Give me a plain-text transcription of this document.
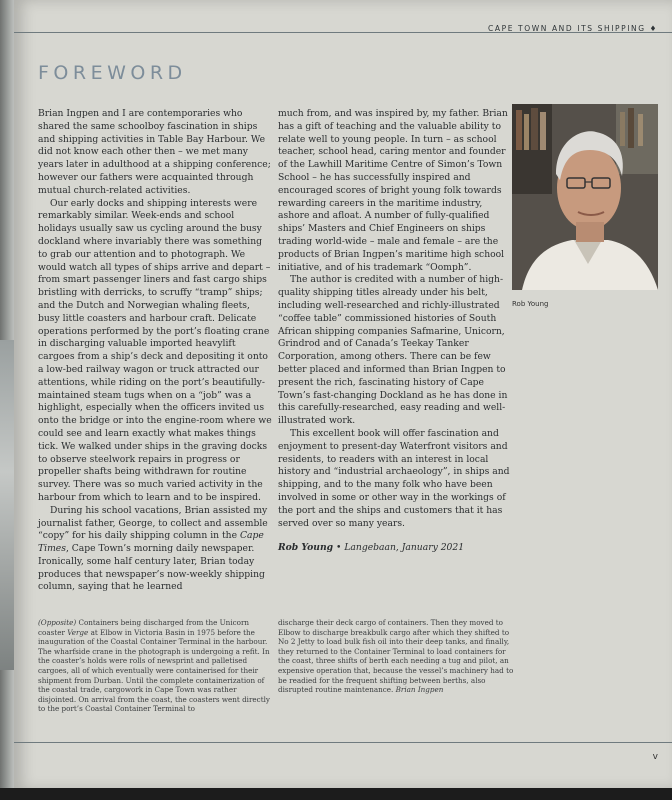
CAPE TOWN AND ITS SHIPPING ♦
FOREWORD

Brian Ingpen and I are contemporaries who shared the same schoolboy fascination in ships and shipping activities in Table Bay Harbour. We did not know each other then – we met many years later in adulthood at a shipping conference; however our fathers were acquainted through mutual church-related activities.

Our early docks and shipping interests were remarkably similar. Week-ends and school holidays usually saw us cycling around the busy dockland where invariably there was something to grab our attention and to photograph. We would watch all types of ships arrive and depart – from smart passenger liners and fast cargo ships bristling with derricks, to scruffy “tramp” ships; and the Dutch and Norwegian whaling fleets, busy little coasters and harbour craft. Delicate operations performed by the port’s floating crane in discharging valuable imported heavylift cargoes from a ship’s deck and depositing it onto a low-bed railway wagon or truck attracted our attentions, while riding on the port’s beautifully-maintained steam tugs when on a “job” was a highlight, especially when the officers invited us onto the bridge or into the engine-room where we could see and learn exactly what makes things tick. We walked under ships in the graving docks to observe steelwork repairs in progress or propeller shafts being withdrawn for routine survey. There was so much varied activity in the harbour from which to learn and to be inspired.

During his school vacations, Brian assisted my journalist father, George, to collect and assemble “copy” for his daily shipping column in the Cape Times, Cape Town’s morning daily newspaper. Ironically, some half century later, Brian today produces that newspaper’s now-weekly shipping column, saying that he learned

much from, and was inspired by, my father. Brian has a gift of teaching and the valuable ability to relate well to young people. In turn – as school teacher, school head, caring mentor and founder of the Lawhill Maritime Centre of Simon’s Town School – he has successfully inspired and encouraged scores of bright young folk towards rewarding careers in the maritime industry, ashore and afloat. A number of fully-qualified ships’ Masters and Chief Engineers on ships trading world-wide – male and female – are the products of Brian Ingpen’s maritime high school initiative, and of his trademark “Oomph”.

The author is credited with a number of high-quality shipping titles already under his belt, including well-researched and richly-illustrated “coffee table” commissioned histories of South African shipping companies Safmarine, Unicorn, Grindrod and of Canada’s Teekay Tanker Corporation, among others. There can be few better placed and informed than Brian Ingpen to present the rich, fascinating history of Cape Town’s fast-changing Dockland as he has done in this carefully-researched, easy reading and well-illustrated work.

This excellent book will offer fascination and enjoyment to present-day Waterfront visitors and residents, to readers with an interest in local history and “industrial archaeology”, in ships and shipping, and to the many folk who have been involved in some or other way in the workings of the port and the ships and customers that it has served over so many years.

Rob Young • Langebaan, January 2021

Rob Young

(Opposite) Containers being discharged from the Unicorn coaster Verge at Elbow in Victoria Basin in 1975 before the inauguration of the Coastal Container Terminal in the harbour. The wharfside crane in the photograph is undergoing a refit. In the coaster’s holds were rolls of newsprint and palletised cargoes, all of which eventually were containerised for their shipment from Durban. Until the complete containerization of the coastal trade, cargowork in Cape Town was rather disjointed. On arrival from the coast, the coasters went directly to the port’s Coastal Container Terminal to

discharge their deck cargo of containers. Then they moved to Elbow to discharge breakbulk cargo after which they shifted to No 2 Jetty to load bulk fish oil into their deep tanks, and finally, they returned to the Container Terminal to load containers for the coast, three shifts of berth each needing a tug and pilot, an expensive operation that, because the vessel’s machinery had to be readied for the frequent shifting between berths, also disrupted routine maintenance. Brian Ingpen

v
